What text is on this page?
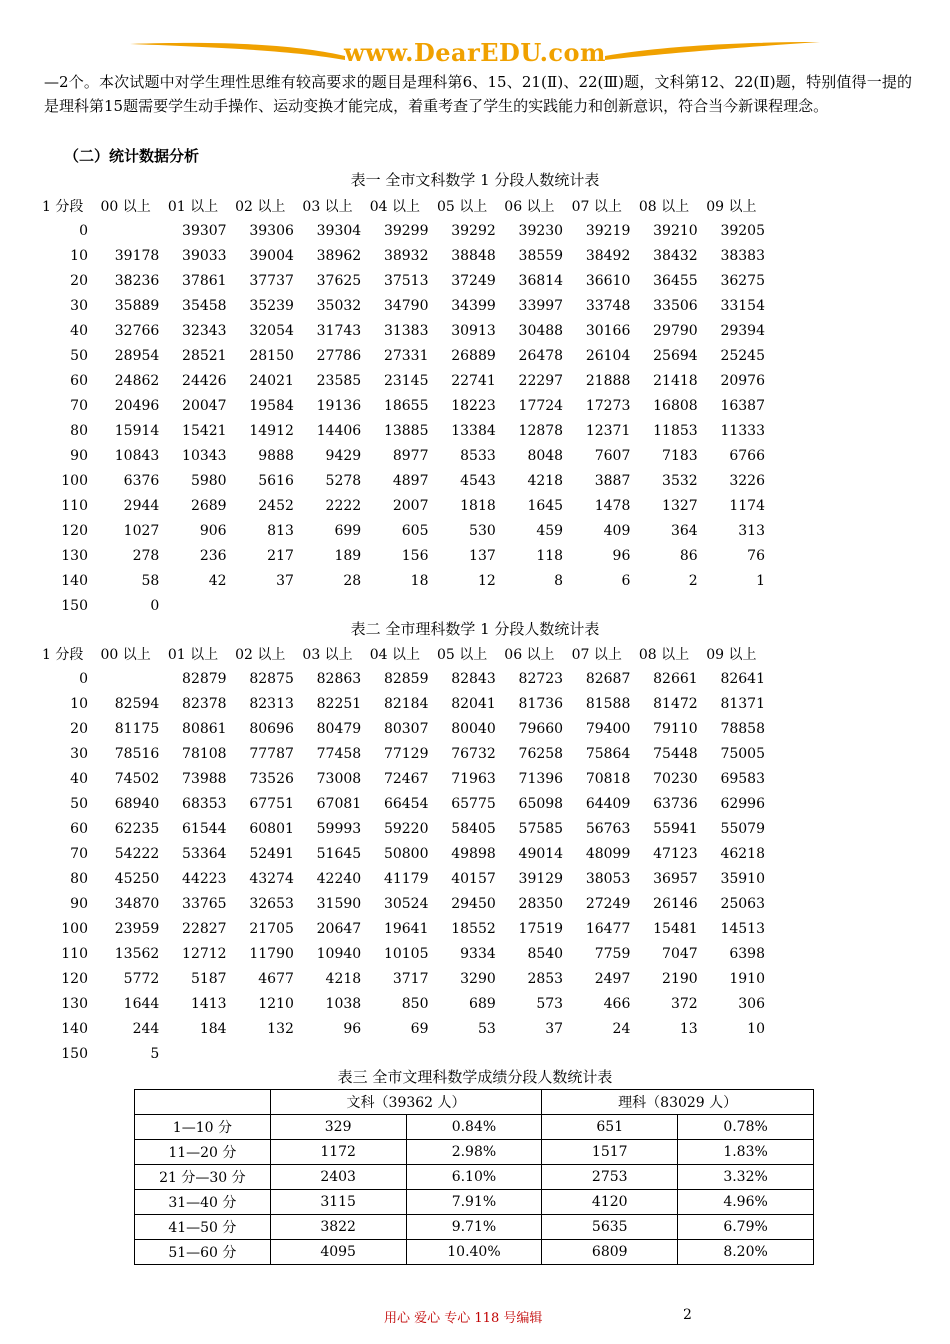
www.DearEDU.com
—2个。本次试题中对学生理性思维有较高要求的题目是理科第6、15、21(Ⅱ)、22(Ⅲ)题，文科第12、22(Ⅱ)题，特别值得一提的是理科第15题需要学生动手操作、运动变换才能完成，着重考查了学生的实践能力和创新意识，符合当今新课程理念。
（二）统计数据分析
表一 全市文科数学 1 分段人数统计表
1 分段	00 以上	01 以上	02 以上	03 以上	04 以上	05 以上	06 以上	07 以上	08 以上	09 以上
0		39307	39306	39304	39299	39292	39230	39219	39210	39205
10	39178	39033	39004	38962	38932	38848	38559	38492	38432	38383
20	38236	37861	37737	37625	37513	37249	36814	36610	36455	36275
30	35889	35458	35239	35032	34790	34399	33997	33748	33506	33154
40	32766	32343	32054	31743	31383	30913	30488	30166	29790	29394
50	28954	28521	28150	27786	27331	26889	26478	26104	25694	25245
60	24862	24426	24021	23585	23145	22741	22297	21888	21418	20976
70	20496	20047	19584	19136	18655	18223	17724	17273	16808	16387
80	15914	15421	14912	14406	13885	13384	12878	12371	11853	11333
90	10843	10343	9888	9429	8977	8533	8048	7607	7183	6766
100	6376	5980	5616	5278	4897	4543	4218	3887	3532	3226
110	2944	2689	2452	2222	2007	1818	1645	1478	1327	1174
120	1027	906	813	699	605	530	459	409	364	313
130	278	236	217	189	156	137	118	96	86	76
140	58	42	37	28	18	12	8	6	2	1
150	0									
表二 全市理科数学 1 分段人数统计表
1 分段	00 以上	01 以上	02 以上	03 以上	04 以上	05 以上	06 以上	07 以上	08 以上	09 以上
0		82879	82875	82863	82859	82843	82723	82687	82661	82641
10	82594	82378	82313	82251	82184	82041	81736	81588	81472	81371
20	81175	80861	80696	80479	80307	80040	79660	79400	79110	78858
30	78516	78108	77787	77458	77129	76732	76258	75864	75448	75005
40	74502	73988	73526	73008	72467	71963	71396	70818	70230	69583
50	68940	68353	67751	67081	66454	65775	65098	64409	63736	62996
60	62235	61544	60801	59993	59220	58405	57585	56763	55941	55079
70	54222	53364	52491	51645	50800	49898	49014	48099	47123	46218
80	45250	44223	43274	42240	41179	40157	39129	38053	36957	35910
90	34870	33765	32653	31590	30524	29450	28350	27249	26146	25063
100	23959	22827	21705	20647	19641	18552	17519	16477	15481	14513
110	13562	12712	11790	10940	10105	9334	8540	7759	7047	6398
120	5772	5187	4677	4218	3717	3290	2853	2497	2190	1910
130	1644	1413	1210	1038	850	689	573	466	372	306
140	244	184	132	96	69	53	37	24	13	10
150	5									
表三 全市文理科数学成绩分段人数统计表
	文科（39362 人）		理科（83029 人）	
1—10 分	329	0.84%	651	0.78%
11—20 分	1172	2.98%	1517	1.83%
21 分—30 分	2403	6.10%	2753	3.32%
31—40 分	3115	7.91%	4120	4.96%
41—50 分	3822	9.71%	5635	6.79%
51—60 分	4095	10.40%	6809	8.20%
用心 爱心 专心 118 号编辑	2
